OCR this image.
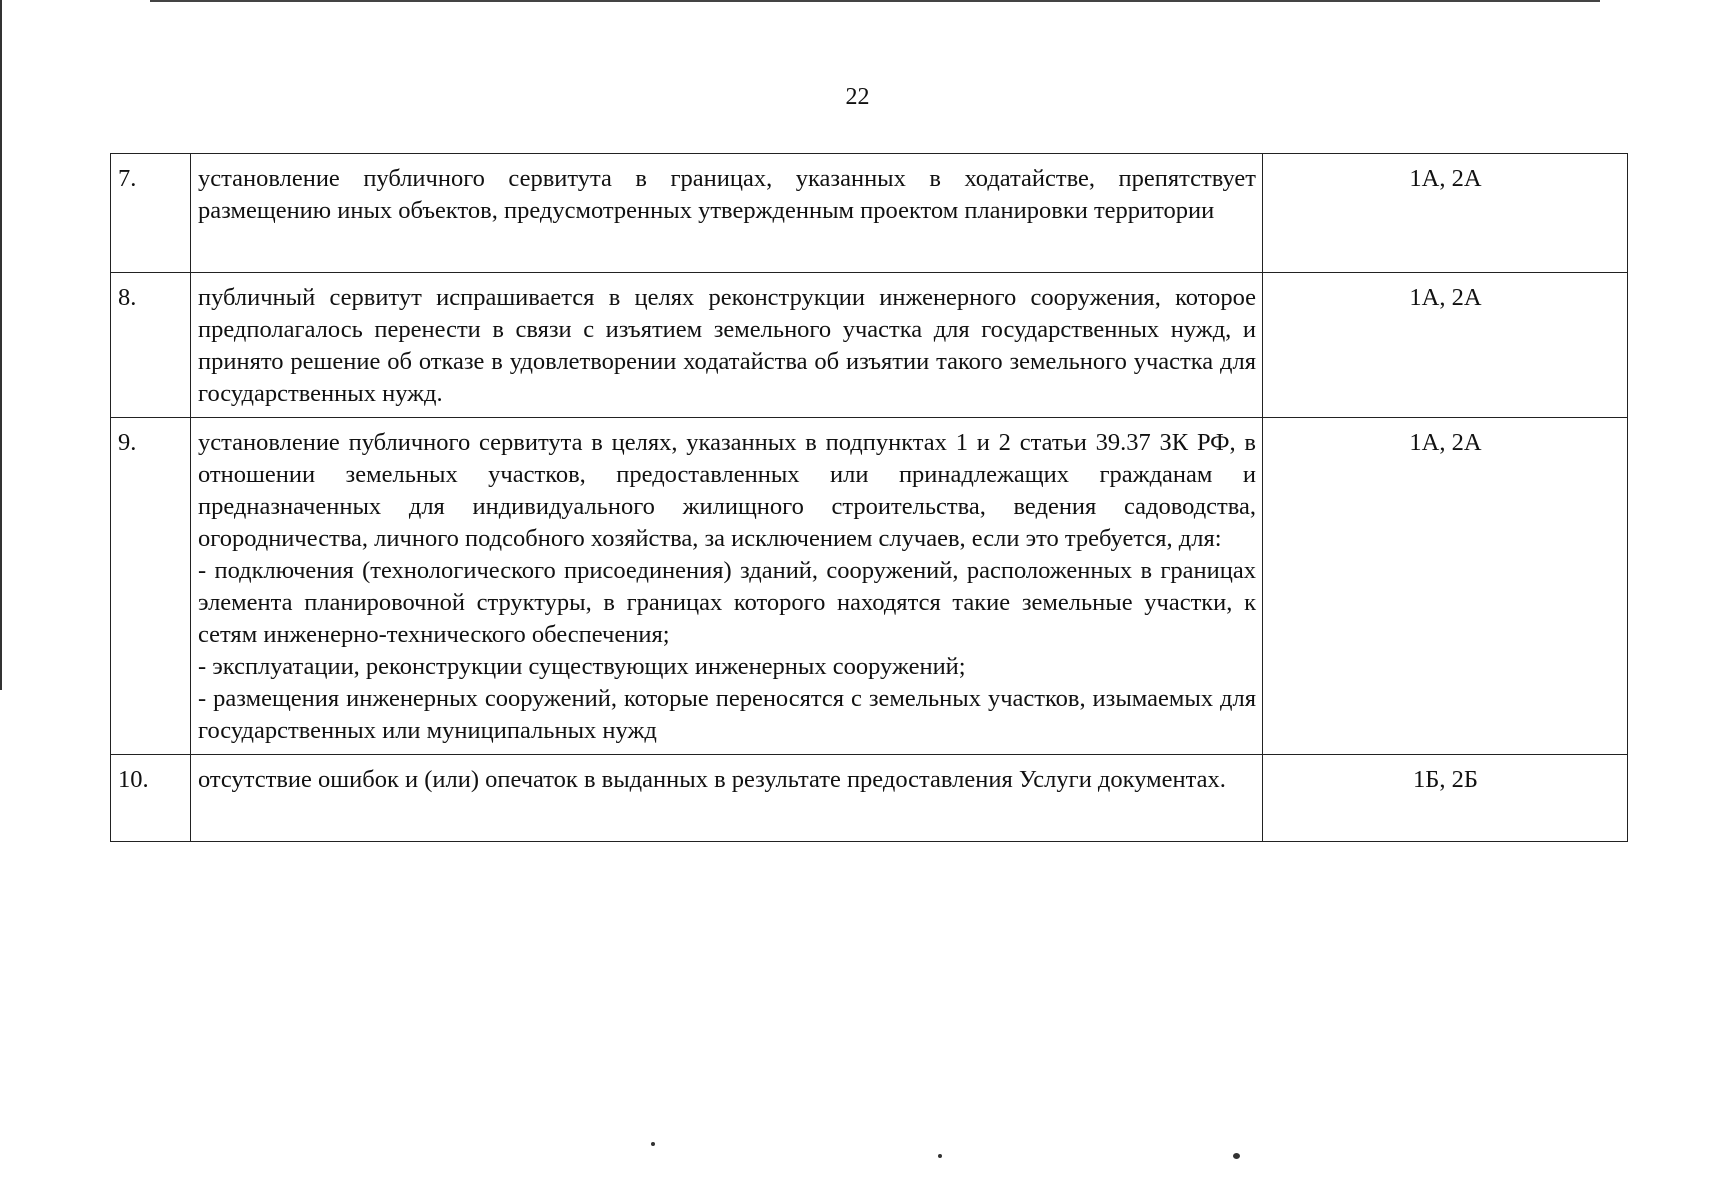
22
7.	установление публичного сервитута в границах, указанных в ходатайстве, препятствует размещению иных объектов, предусмотренных утвержденным проектом планировки территории	1А, 2А
8.	публичный сервитут испрашивается в целях реконструкции инженерного сооружения, которое предполагалось перенести в связи с изъятием земельного участка для государственных нужд, и принято решение об отказе в удовлетворении ходатайства об изъятии такого земельного участка для государственных нужд.	1А, 2А
9.	установление публичного сервитута в целях, указанных в подпунктах 1 и 2 статьи 39.37 ЗК РФ, в отношении земельных участков, предоставленных или принадлежащих гражданам и предназначенных для индивидуального жилищного строительства, ведения садоводства, огородничества, личного подсобного хозяйства, за исключением случаев, если это требуется, для:
- подключения (технологического присоединения) зданий, сооружений, расположенных в границах элемента планировочной структуры, в границах которого находятся такие земельные участки, к сетям инженерно-технического обеспечения;
- эксплуатации, реконструкции существующих инженерных сооружений;
- размещения инженерных сооружений, которые переносятся с земельных участков, изымаемых для государственных или муниципальных нужд	1А, 2А
10.	отсутствие ошибок и (или) опечаток в выданных в результате предоставления Услуги документах.	1Б, 2Б
